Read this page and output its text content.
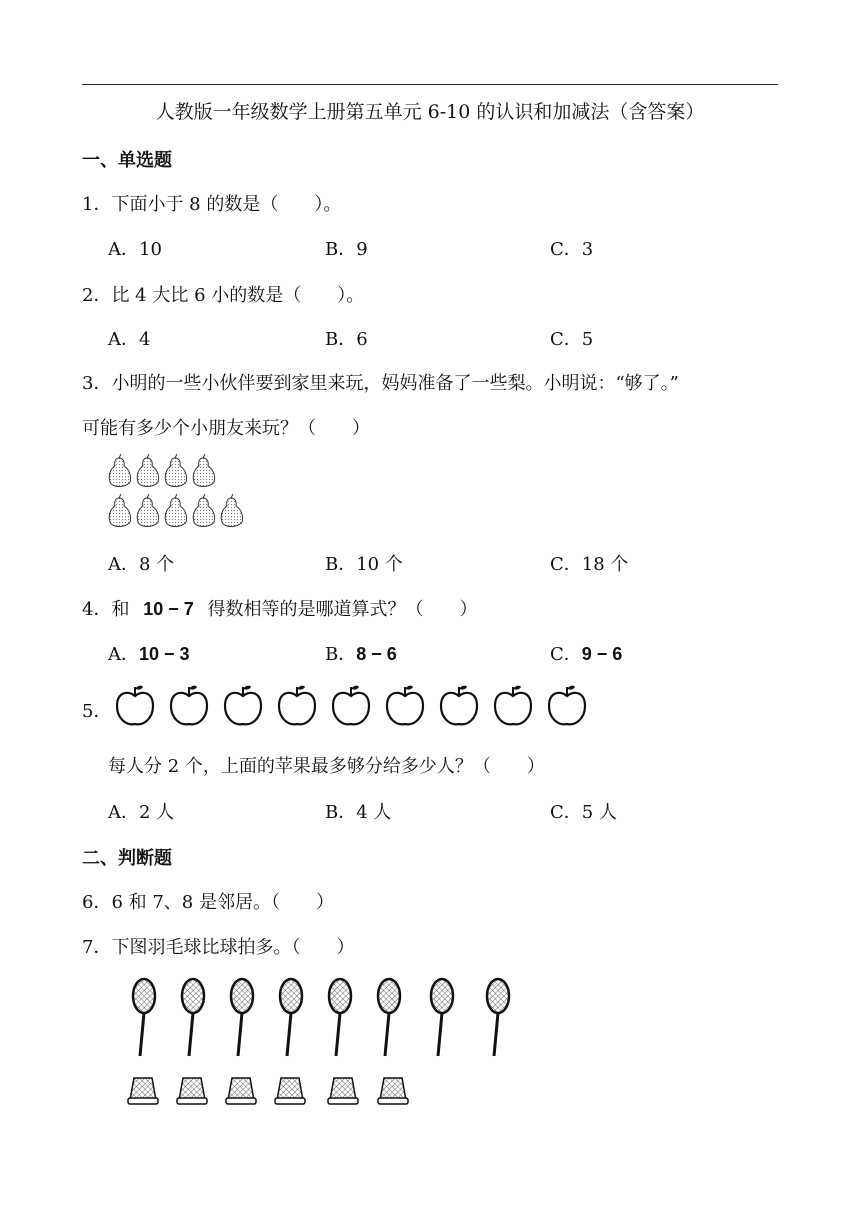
人教版一年级数学上册第五单元 6-10 的认识和加减法（含答案）
一、单选题
1．下面小于 8 的数是（　　）。
A．10	B．9	C．3
2．比 4 大比 6 小的数是（　　）。
A．4	B．6	C．5
3．小明的一些小伙伴要到家里来玩，妈妈准备了一些梨。小明说：“够了。”
可能有多少个小朋友来玩？（　　）
A．8 个	B．10 个	C．18 个
4．和 10 − 7 得数相等的是哪道算式？（　　）
A．10 − 3	B．8 − 6	C．9 − 6
5．
每人分 2 个，上面的苹果最多够分给多少人？（　　）
A．2 人	B．4 人	C．5 人
二、判断题
6．6 和 7、8 是邻居。（　　）
7．下图羽毛球比球拍多。（　　）
